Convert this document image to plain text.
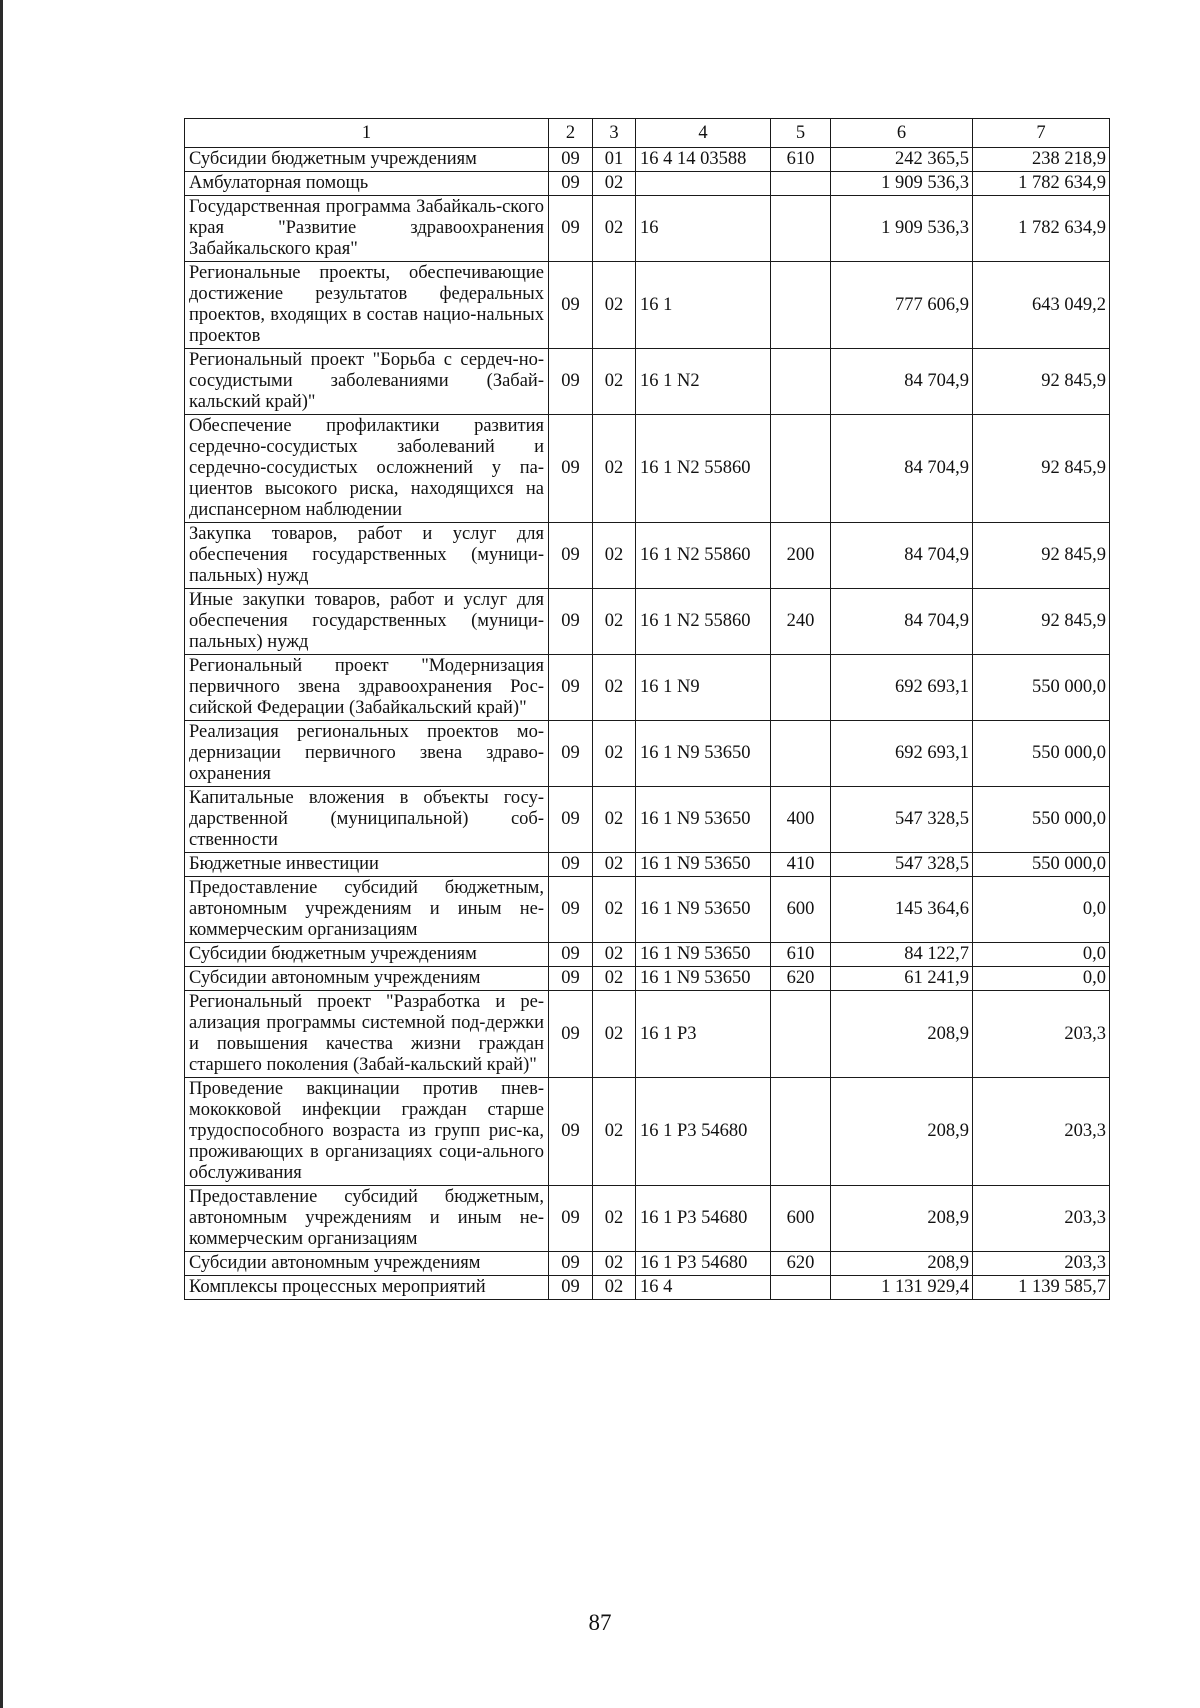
1	2	3	4	5	6	7
Субсидии бюджетным учреждениям	09	01	16 4 14 03588	610	242 365,5	238 218,9
Амбулаторная помощь	09	02			1 909 536,3	1 782 634,9
Государственная программа Забайкаль-ского края "Развитие здравоохранения Забайкальского края"	09	02	16		1 909 536,3	1 782 634,9
Региональные проекты, обеспечивающие достижение результатов федеральных проектов, входящих в состав нацио-нальных проектов	09	02	16 1		777 606,9	643 049,2
Региональный проект "Борьба с сердеч-но-сосудистыми заболеваниями (Забай-кальский край)"	09	02	16 1 N2		84 704,9	92 845,9
Обеспечение профилактики развития сердечно-сосудистых заболеваний и сердечно-сосудистых осложнений у па-циентов высокого риска, находящихся на диспансерном наблюдении	09	02	16 1 N2 55860		84 704,9	92 845,9
Закупка товаров, работ и услуг для обеспечения государственных (муници-пальных) нужд	09	02	16 1 N2 55860	200	84 704,9	92 845,9
Иные закупки товаров, работ и услуг для обеспечения государственных (муници-пальных) нужд	09	02	16 1 N2 55860	240	84 704,9	92 845,9
Региональный проект "Модернизация первичного звена здравоохранения Рос-сийской Федерации (Забайкальский край)"	09	02	16 1 N9		692 693,1	550 000,0
Реализация региональных проектов мо-дернизации первичного звена здраво-охранения	09	02	16 1 N9 53650		692 693,1	550 000,0
Капитальные вложения в объекты госу-дарственной (муниципальной) соб-ственности	09	02	16 1 N9 53650	400	547 328,5	550 000,0
Бюджетные инвестиции	09	02	16 1 N9 53650	410	547 328,5	550 000,0
Предоставление субсидий бюджетным, автономным учреждениям и иным не-коммерческим организациям	09	02	16 1 N9 53650	600	145 364,6	0,0
Субсидии бюджетным учреждениям	09	02	16 1 N9 53650	610	84 122,7	0,0
Субсидии автономным учреждениям	09	02	16 1 N9 53650	620	61 241,9	0,0
Региональный проект "Разработка и ре-ализация программы системной под-держки и повышения качества жизни граждан старшего поколения (Забай-кальский край)"	09	02	16 1 P3		208,9	203,3
Проведение вакцинации против пнев-мококковой инфекции граждан старше трудоспособного возраста из групп рис-ка, проживающих в организациях соци-ального обслуживания	09	02	16 1 P3 54680		208,9	203,3
Предоставление субсидий бюджетным, автономным учреждениям и иным не-коммерческим организациям	09	02	16 1 P3 54680	600	208,9	203,3
Субсидии автономным учреждениям	09	02	16 1 P3 54680	620	208,9	203,3
Комплексы процессных мероприятий	09	02	16 4		1 131 929,4	1 139 585,7
87
